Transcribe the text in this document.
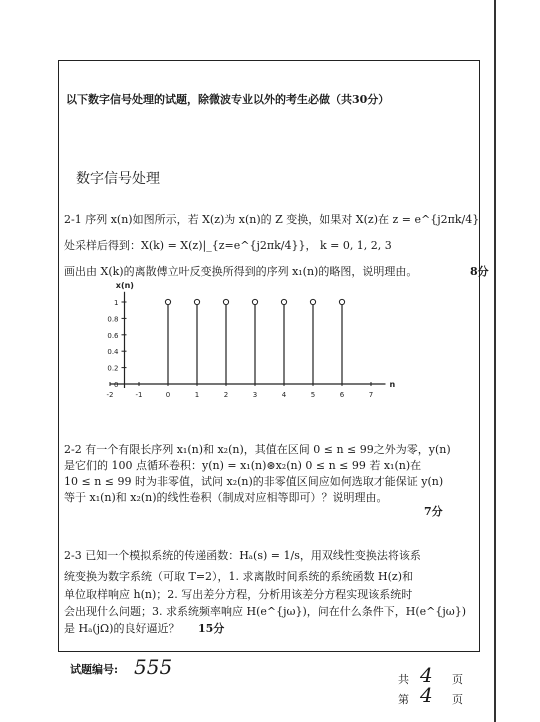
以下数字信号处理的试题，除微波专业以外的考生必做（共30分）
数字信号处理
2-1 序列 x(n)如图所示，若 X(z)为 x(n)的 Z 变换，如果对 X(z)在 z = e^{j2πk/4}
处采样后得到：X(k) = X(z)|_{z=e^{j2πk/4}}， k = 0, 1, 2, 3
画出由 X(k)的离散傅立叶反变换所得到的序列 x₁(n)的略图，说明理由。	8分
1
0.8
0.6
0.4
0.2
0
-2	-1	0	1	2	3	4	5	6	7
x(n)
n
2-2 有一个有限长序列 x₁(n)和 x₂(n)，其值在区间 0 ≤ n ≤ 99之外为零，y(n)
是它们的 100 点循环卷积：y(n) = x₁(n)⊛x₂(n) 0 ≤ n ≤ 99 若 x₁(n)在
10 ≤ n ≤ 99 时为非零值，试问 x₂(n)的非零值区间应如何选取才能保证 y(n)
等于 x₁(n)和 x₂(n)的线性卷积（制成对应相等即可）？说明理由。
7分
2-3 已知一个模拟系统的传递函数：Hₐ(s) = 1/s，用双线性变换法将该系
统变换为数字系统（可取 T=2），1. 求离散时间系统的系统函数 H(z)和
单位取样响应 h(n)；2. 写出差分方程，分析用该差分方程实现该系统时
会出现什么问题；3. 求系统频率响应 H(e^{jω})，问在什么条件下，H(e^{jω})
是 Hₐ(jΩ)的良好逼近？ 15分
试题编号: 555
共 4 页
第 4 页
